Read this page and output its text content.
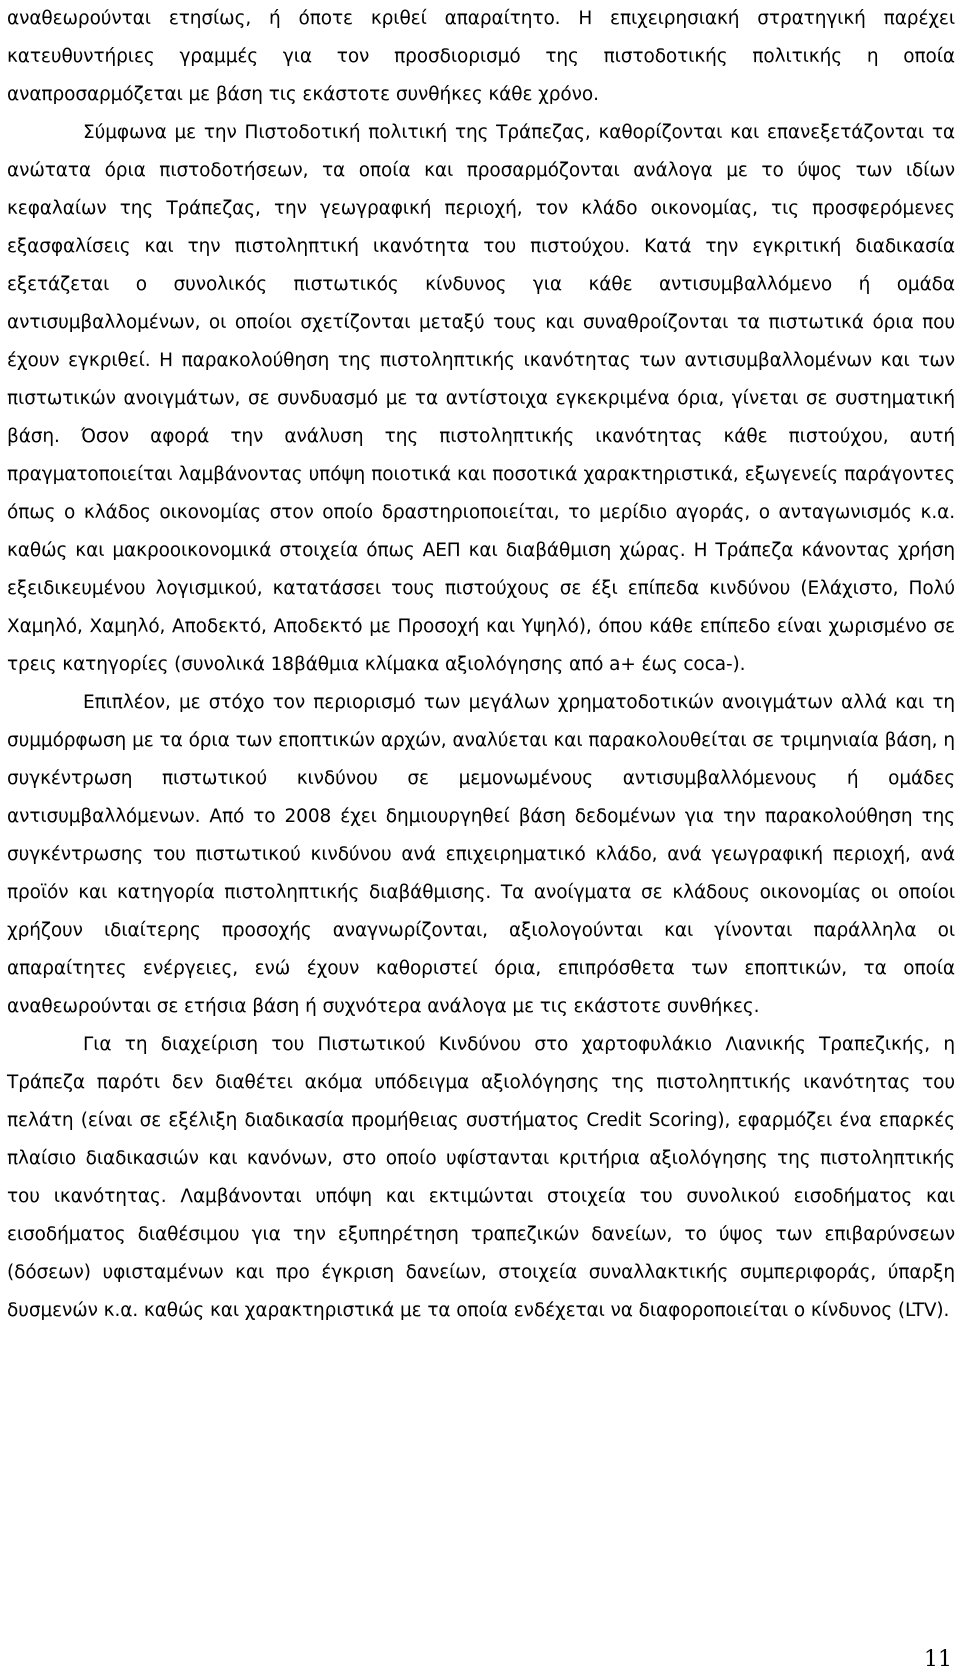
αναθεωρούνται ετησίως, ή όποτε κριθεί απαραίτητο. Η επιχειρησιακή στρατηγική παρέχει κατευθυντήριες γραμμές για τον προσδιορισμό της πιστοδοτικής πολιτικής η οποία αναπροσαρμόζεται με βάση τις εκάστοτε συνθήκες κάθε χρόνο.

Σύμφωνα με την Πιστοδοτική πολιτική της Τράπεζας, καθορίζονται και επανεξετάζονται τα ανώτατα όρια πιστοδοτήσεων, τα οποία και προσαρμόζονται ανάλογα με το ύψος των ιδίων κεφαλαίων της Τράπεζας, την γεωγραφική περιοχή, τον κλάδο οικονομίας, τις προσφερόμενες εξασφαλίσεις και την πιστοληπτική ικανότητα του πιστούχου. Κατά την εγκριτική διαδικασία εξετάζεται ο συνολικός πιστωτικός κίνδυνος για κάθε αντισυμβαλλόμενο ή ομάδα αντισυμβαλλομένων, οι οποίοι σχετίζονται μεταξύ τους και συναθροίζονται τα πιστωτικά όρια που έχουν εγκριθεί. Η παρακολούθηση της πιστοληπτικής ικανότητας των αντισυμβαλλομένων και των πιστωτικών ανοιγμάτων, σε συνδυασμό με τα αντίστοιχα εγκεκριμένα όρια, γίνεται σε συστηματική βάση. Όσον αφορά την ανάλυση της πιστοληπτικής ικανότητας κάθε πιστούχου, αυτή πραγματοποιείται λαμβάνοντας υπόψη ποιοτικά και ποσοτικά χαρακτηριστικά, εξωγενείς παράγοντες όπως ο κλάδος οικονομίας στον οποίο δραστηριοποιείται, το μερίδιο αγοράς, ο ανταγωνισμός κ.α. καθώς και μακροοικονομικά στοιχεία όπως ΑΕΠ και διαβάθμιση χώρας. Η Τράπεζα κάνοντας χρήση εξειδικευμένου λογισμικού, κατατάσσει τους πιστούχους σε έξι επίπεδα κινδύνου (Ελάχιστο, Πολύ Χαμηλό, Χαμηλό, Αποδεκτό, Αποδεκτό με Προσοχή και Υψηλό), όπου κάθε επίπεδο είναι χωρισμένο σε τρεις κατηγορίες (συνολικά 18βάθμια κλίμακα αξιολόγησης από a+ έως coca-).

Επιπλέον, με στόχο τον περιορισμό των μεγάλων χρηματοδοτικών ανοιγμάτων αλλά και τη συμμόρφωση με τα όρια των εποπτικών αρχών, αναλύεται και παρακολουθείται σε τριμηνιαία βάση, η συγκέντρωση πιστωτικού κινδύνου σε μεμονωμένους αντισυμβαλλόμενους ή ομάδες αντισυμβαλλόμενων. Από το 2008 έχει δημιουργηθεί βάση δεδομένων για την παρακολούθηση της συγκέντρωσης του πιστωτικού κινδύνου ανά επιχειρηματικό κλάδο, ανά γεωγραφική περιοχή, ανά προϊόν και κατηγορία πιστοληπτικής διαβάθμισης. Τα ανοίγματα σε κλάδους οικονομίας οι οποίοι χρήζουν ιδιαίτερης προσοχής αναγνωρίζονται, αξιολογούνται και γίνονται παράλληλα οι απαραίτητες ενέργειες, ενώ έχουν καθοριστεί όρια, επιπρόσθετα των εποπτικών, τα οποία αναθεωρούνται σε ετήσια βάση ή συχνότερα ανάλογα με τις εκάστοτε συνθήκες.

Για τη διαχείριση του Πιστωτικού Κινδύνου στο χαρτοφυλάκιο Λιανικής Τραπεζικής, η Τράπεζα παρότι δεν διαθέτει ακόμα υπόδειγμα αξιολόγησης της πιστοληπτικής ικανότητας του πελάτη (είναι σε εξέλιξη διαδικασία προμήθειας συστήματος Credit Scoring), εφαρμόζει ένα επαρκές πλαίσιο διαδικασιών και κανόνων, στο οποίο υφίστανται κριτήρια αξιολόγησης της πιστοληπτικής του ικανότητας. Λαμβάνονται υπόψη και εκτιμώνται στοιχεία του συνολικού εισοδήματος και εισοδήματος διαθέσιμου για την εξυπηρέτηση τραπεζικών δανείων, το ύψος των επιβαρύνσεων (δόσεων) υφισταμένων και προ έγκριση δανείων, στοιχεία συναλλακτικής συμπεριφοράς, ύπαρξη δυσμενών κ.α. καθώς και χαρακτηριστικά με τα οποία ενδέχεται να διαφοροποιείται ο κίνδυνος (LTV).

11
